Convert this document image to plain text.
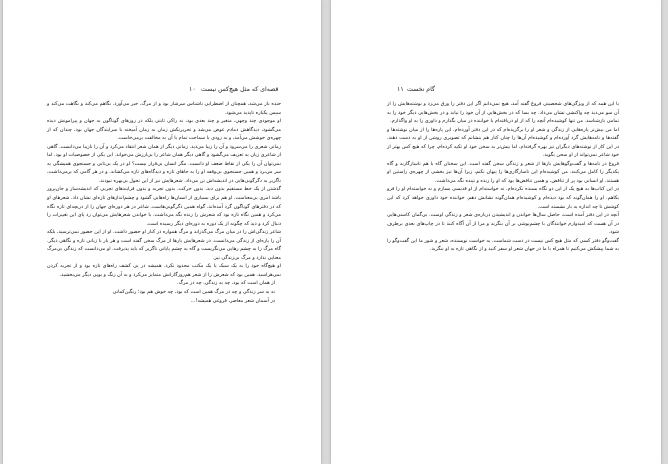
۱۰ قصه‌ای که مثل هیچ‌کس نیست

خنده باز می‌شد، همچنان از اضطرابی ناشناس سرشار بود و از مرگ، خبر می‌آورد. نگاهم می‌کند و نگاهت می‌کند و سپس یکباره ناپدید می‌شود.

او موجودی چند وجهی، متغیر و چند بعدی بود، نه راکی ثابتی بلکه در روزهای گوناگون به جهان و پیرامونش دیده می‌گشود، دیدگاهش دمادم عوض می‌شد و تحریرنکش زمان به زمان آمیخته با سرایندگان جهان بود، چندان که از چهره‌ی خوشش می‌آمد، و به زودی با سماجت تمام با آن به مخالفت برمی‌خاست.

زمانی شعری را می‌سرود و آن را زیبا می‌دید. زمانی دیگر از همان شعر انتقاد می‌کرد و آن را نازیبا می‌دانست. گاهی از شاعری زبان به تعریف می‌گشود و گاهی دیگر همان شاعر را بی‌ارزش می‌خواند. این یکی از خصوصیات او بود. اما نمی‌توان آن را یکی از نقاط ضعف او دانست. مگر انسان بی‌قرار نیست؟ او در یک بی‌تابی و جستجوی همیشگی به سر می‌برد و همین جستجوی بی‌وقفه او را به جاهای تازه و دیدگاه‌های تازه می‌کشاند. و در هر گامی که برمی‌داشت، ناگزیر به دگرگونی‌هایی در اندیشه‌اش تن می‌داد. شعرهایش نیز از این تحول بی‌بهره نبودند.

گذشتن از یک خط مستقیم بدون دید، بدون حرکت، بدون تجربه و بدون فرایندهای تجربی که اندیشه‌ساز و جان‌پرور باشد امری بی‌معناست. او هم برای بسیاری از انسان‌ها راه‌هایی گشود و چشم‌اندازهای تازه‌ای نشان داد. شعرهای او که در دفترهای گوناگون گرد آمده‌اند، گواه همین دگرگونی‌هاست. شاعر در هر دوره‌ای جهان را از دریچه‌ای تازه نگاه می‌کرد و همین نگاه تازه بود که شعرش را زنده نگه می‌داشت. با خواندن شعرهایش می‌توان رد پای این تغییرات را دنبال کرد و دید که چگونه از یک دوره به دوره‌ای دیگر رسیده است.

شاعر زندگی‌اش را در میان مرگ می‌گذراند و مرگ همواره در کنار او حضور داشت. او از این حضور نمی‌ترسید، بلکه آن را پاره‌ای از زندگی می‌دانست. در شعرهایش بارها از مرگ سخن گفته است و هر بار با زبانی تازه و نگاهی دیگر. گاه مرگ را به چشم رهایی می‌نگریست و گاه به چشم پایانی ناگزیر که باید پذیرفت. او می‌دانست که زندگی بی‌مرگ معنایی ندارد و مرگ بی‌زندگی نیز.

او هیچ‌گاه خود را به یک سبک یا یک مکتب محدود نکرد. همیشه در پی کشف راه‌های تازه بود و از تجربه کردن نمی‌هراسید. همین بود که شعرش را از شعر هم‌روزگارانش متمایز می‌کرد و به آن رنگ و بویی دیگر می‌بخشید.

از همان است که بود، چه به زندگی، چه در مرگ.

نه به سر زندگی و چه در مرگ همین است که بود، چه خوش هم بود؛ رنگین‌کمانی

در آسمان شعر معاصر، فروغی همیشه!...

۱۱ گام نخست

با این همه که از ویژگی‌های شخصیتی فروغ گفته آمد، هیچ نمی‌دانم اگر این دفتر را ورق می‌زد و نوشته‌هایش را از آن سو می‌دید چه واکنشی نشان می‌داد. چه بسا که در بخش‌هایی از آن خود را نیابد و در بخش‌هایی دیگر خود را به تمامی بازشناسد. من تنها کوشیده‌ام آنچه را که از او دریافته‌ام با خواننده در میان بگذارم و داوری را به او واگذارم.

اما من بیش‌تر پاره‌هایی از زندگی و شعر او را برگزیده‌ام که در این دفتر آورده‌ام. این پاره‌ها را از میان نوشته‌ها و گفته‌ها و نامه‌هایش گرد آورده‌ام و کوشیده‌ام آن‌ها را چنان کنار هم بنشانم که تصویری روشن از او به دست دهند. در این کار از نوشته‌های دیگران نیز بهره گرفته‌ام، اما بیش‌تر به سخن خود او تکیه کرده‌ام، چرا که هیچ کس بهتر از خود شاعر نمی‌تواند از او سخن بگوید.

فروغ در نامه‌ها و گفت‌وگوهایش بارها از شعر و زندگی سخن گفته است. این سخنان گاه با هم ناسازگارند و گاه یکدیگر را کامل می‌کنند. من کوشیده‌ام این ناسازگاری‌ها را پنهان نکنم، زیرا آن‌ها نیز بخشی از چهره‌ی راستین او هستند. او انسانی بود پر از تناقض، و همین تناقض‌ها بود که او را زنده و تپنده نگه می‌داشت.

در این کتاب‌ها به هیچ یک از این دو نگاه بسنده نکرده‌ام. نه خواسته‌ام از او قدیسی بسازم و نه خواسته‌ام او را فرو بکاهم. او را همان‌گونه که بود دیده‌ام و کوشیده‌ام همان‌گونه نشانش دهم. خواننده خود داوری خواهد کرد که این کوشش تا چه اندازه به بار نشسته است.

آنچه در این دفتر آمده است، حاصل سال‌ها خواندن و اندیشیدن درباره‌ی شعر و زندگی اوست. بی‌گمان کاستی‌هایی در آن هست که امیدوارم خوانندگان با چشم‌پوشی بر آن بنگرند و مرا از آن آگاه کنند تا در چاپ‌های بعدی برطرف شود.

گفت‌وگو دفتر کسی که مثل هیچ کس نیست در دست شماست. به خواست نویسنده، شعر و شور ما این گفت‌وگو را به شما پیشکش می‌کنیم تا همراه با ما در جهان شعر او سفر کنید و از نگاهی تازه به او بنگرید.
